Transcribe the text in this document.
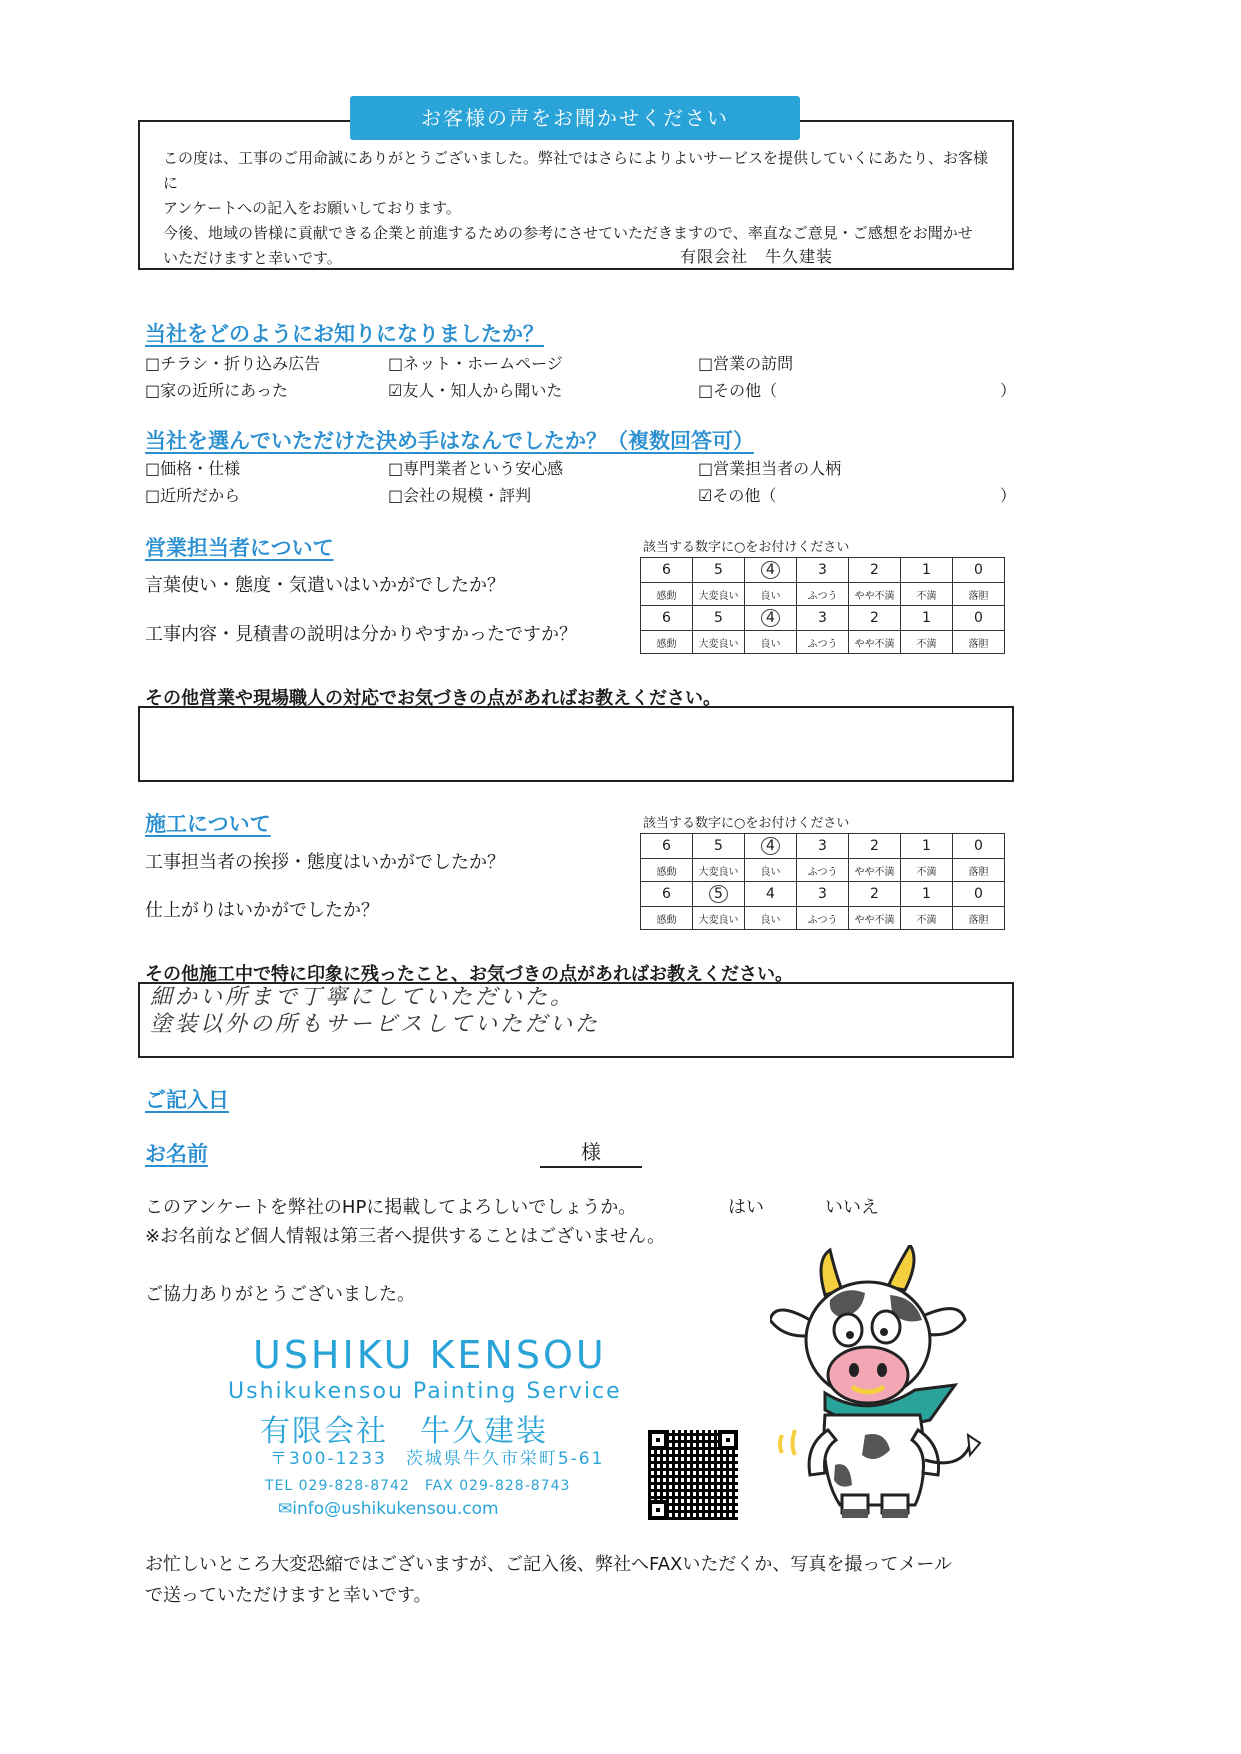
お客様の声をお聞かせください
この度は、工事のご用命誠にありがとうございました。弊社ではさらによりよいサービスを提供していくにあたり、お客様に
アンケートへの記入をお願いしております。
今後、地域の皆様に貢献できる企業と前進するための参考にさせていただきますので、率直なご意見・ご感想をお聞かせ
いただけますと幸いです。	有限会社　牛久建装
当社をどのようにお知りになりましたか？
□チラシ・折り込み広告	□ネット・ホームページ	□営業の訪問
□家の近所にあった	☑友人・知人から聞いた	□その他（	）
当社を選んでいただけた決め手はなんでしたか？（複数回答可）
□価格・仕様	□専門業者という安心感	□営業担当者の人柄
□近所だから	□会社の規模・評判	☑その他（	）
営業担当者について	該当する数字に○をお付けください
言葉使い・態度・気遣いはいかがでしたか？
工事内容・見積書の説明は分かりやすかったですか？
6	5	4	3	2	1	0
感動	大変良い	良い	ふつう	やや不満	不満	落胆
6	5	4	3	2	1	0
感動	大変良い	良い	ふつう	やや不満	不満	落胆
その他営業や現場職人の対応でお気づきの点があればお教えください。
施工について	該当する数字に○をお付けください
工事担当者の挨拶・態度はいかがでしたか？
仕上がりはいかがでしたか？
6	5	4	3	2	1	0
感動	大変良い	良い	ふつう	やや不満	不満	落胆
6	5	4	3	2	1	0
感動	大変良い	良い	ふつう	やや不満	不満	落胆
その他施工中で特に印象に残ったこと、お気づきの点があればお教えください。
細かい所まで丁寧にしていただいた。
塗装以外の所もサービスしていただいた
ご記入日
お名前	様
このアンケートを弊社のHPに掲載してよろしいでしょうか。	はい	いいえ
※お名前など個人情報は第三者へ提供することはございません。
ご協力ありがとうございました。
USHIKU KENSOU
Ushikukensou Painting Service
有限会社　牛久建装
〒300-1233　茨城県牛久市栄町5-61
TEL 029-828-8742　FAX 029-828-8743
✉info@ushikukensou.com
お忙しいところ大変恐縮ではございますが、ご記入後、弊社へFAXいただくか、写真を撮ってメール
で送っていただけますと幸いです。
